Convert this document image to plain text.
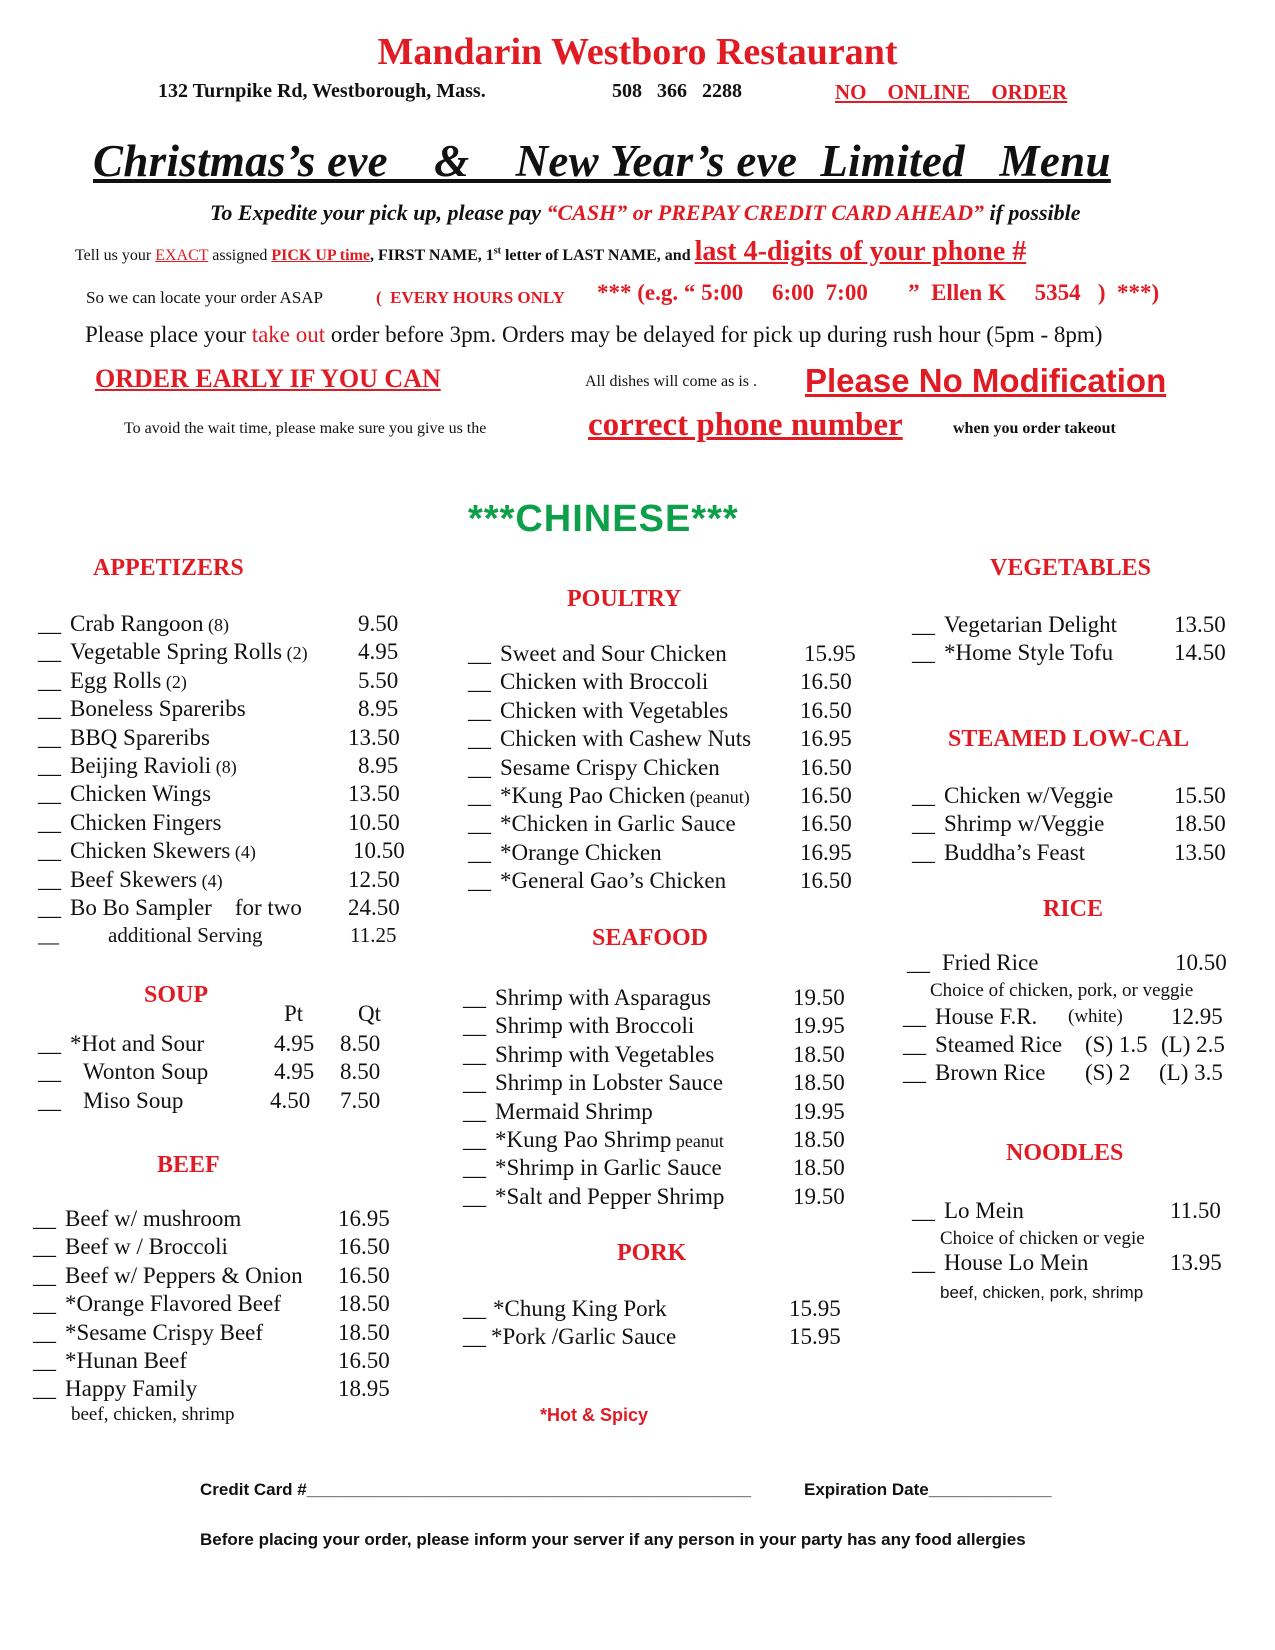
Mandarin Westboro Restaurant
132 Turnpike Rd, Westborough, Mass.	508   366   2288	NO    ONLINE    ORDER
Christmas’s eve    &    New Year’s eve  Limited   Menu
To Expedite your pick up, please pay “CASH” or PREPAY CREDIT CARD AHEAD” if possible
Tell us your EXACT assigned PICK UP time, FIRST NAME, 1st letter of LAST NAME, and last 4-digits of your phone #
So we can locate your order ASAP	(  EVERY HOURS ONLY *** (e.g. “ 5:00     6:00  7:00       ”  Ellen K     5354   )  ***)
Please place your take out order before 3pm. Orders may be delayed for pick up during rush hour (5pm - 8pm)
ORDER EARLY IF YOU CAN	All dishes will come as is . Please No Modification
To avoid the wait time, please make sure you give us the	correct phone number	when you order takeout
***CHINESE***
APPETIZERS
__ Crab Rangoon (8)	9.50
__ Vegetable Spring Rolls (2) 4.95
__ Egg Rolls (2)	5.50
__ Boneless Spareribs	8.95
__ BBQ Spareribs	13.50
__ Beijing Ravioli (8)	8.95
__ Chicken Wings	13.50
__ Chicken Fingers	10.50
__ Chicken Skewers (4)	10.50
__ Beef Skewers (4)	12.50
__ Bo Bo Sampler    for two 24.50
__ additional Serving	11.25
SOUP
Pt Qt
__ *Hot and Sour	4.95 8.50
__ Wonton Soup	4.95 8.50
__ Miso Soup	4.50 7.50
BEEF
__ Beef w/ mushroom	16.95
__ Beef w / Broccoli	16.50
__ Beef w/ Peppers & Onion 16.50
__ *Orange Flavored Beef 18.50
__ *Sesame Crispy Beef	18.50
__ *Hunan Beef	16.50
__ Happy Family	18.95
beef, chicken, shrimp
POULTRY
__ Sweet and Sour Chicken	15.95
__ Chicken with Broccoli	16.50
__ Chicken with Vegetables	16.50
__ Chicken with Cashew Nuts 16.95
__ Sesame Crispy Chicken	16.50
__ *Kung Pao Chicken (peanut) 16.50
__ *Chicken in Garlic Sauce	16.50
__ *Orange Chicken	16.95
__ *General Gao’s Chicken	16.50
SEAFOOD
__ Shrimp with Asparagus	19.50
__ Shrimp with Broccoli	19.95
__ Shrimp with Vegetables	18.50
__ Shrimp in Lobster Sauce	18.50
__ Mermaid Shrimp	19.95
__ *Kung Pao Shrimp peanut	18.50
__ *Shrimp in Garlic Sauce	18.50
__ *Salt and Pepper Shrimp	19.50
PORK
__ *Chung King Pork	15.95
__ *Pork /Garlic Sauce	15.95
*Hot & Spicy
VEGETABLES
__ Vegetarian Delight 13.50
__ *Home Style Tofu	14.50
STEAMED LOW-CAL
__ Chicken w/Veggie	15.50
__ Shrimp w/Veggie	18.50
__ Buddha’s Feast	13.50
RICE
__ Fried Rice	10.50
Choice of chicken, pork, or veggie
__ House F.R. (white) 12.95
__ Steamed Rice (S) 1.5 (L) 2.5
__ Brown Rice (S) 2 (L) 3.5
NOODLES
__ Lo Mein	11.50
Choice of chicken or vegie
__ House Lo Mein	13.95
beef, chicken, pork, shrimp
Credit Card #_______________________________________________	Expiration Date_____________
Before placing your order, please inform your server if any person in your party has any food allergies
